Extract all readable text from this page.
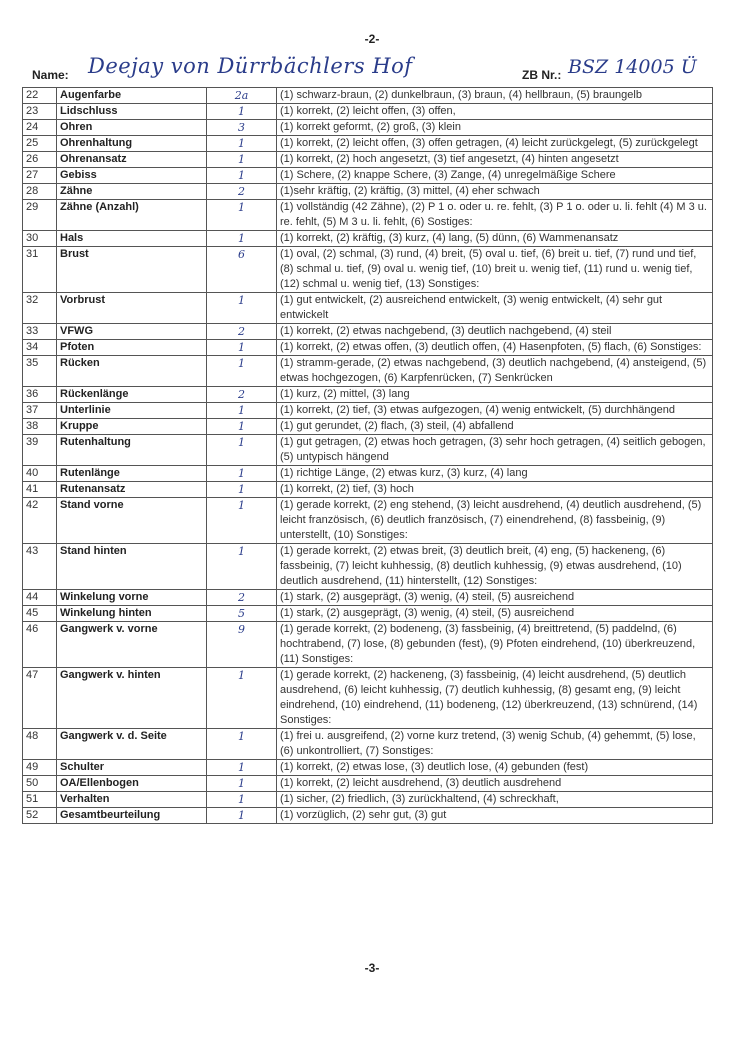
-2-
Name: Deejay von Dürrbächlers Hof	ZB Nr.: BSZ 14005 Ü
22	Augenfarbe	2a	(1) schwarz-braun, (2) dunkelbraun, (3) braun, (4) hellbraun, (5) braungelb
23	Lidschluss	1	(1) korrekt, (2) leicht offen, (3) offen,
24	Ohren	3	(1) korrekt geformt, (2) groß, (3) klein
25	Ohrenhaltung	1	(1) korrekt, (2) leicht offen, (3) offen getragen, (4) leicht zurückgelegt, (5) zurückgelegt
26	Ohrenansatz	1	(1) korrekt, (2) hoch angesetzt, (3) tief angesetzt, (4) hinten angesetzt
27	Gebiss	1	(1) Schere, (2) knappe Schere, (3) Zange, (4) unregelmäßige Schere
28	Zähne	2	(1)sehr kräftig, (2) kräftig, (3) mittel, (4) eher schwach
29	Zähne (Anzahl)	1	(1) vollständig (42 Zähne), (2) P 1 o. oder u. re. fehlt, (3) P 1 o. oder u. li. fehlt (4) M 3 u. re. fehlt, (5) M 3 u. li. fehlt, (6) Sostiges:
30	Hals	1	(1) korrekt, (2) kräftig, (3) kurz, (4) lang, (5) dünn, (6) Wammenansatz
31	Brust	6	(1) oval, (2) schmal, (3) rund, (4) breit, (5) oval u. tief, (6) breit u. tief, (7) rund und tief, (8) schmal u. tief, (9) oval u. wenig tief, (10) breit u. wenig tief, (11) rund u. wenig tief, (12) schmal u. wenig tief, (13) Sonstiges:
32	Vorbrust	1	(1) gut entwickelt, (2) ausreichend entwickelt, (3) wenig entwickelt, (4) sehr gut entwickelt
33	VFWG	2	(1) korrekt, (2) etwas nachgebend, (3) deutlich nachgebend, (4) steil
34	Pfoten	1	(1) korrekt, (2) etwas offen, (3) deutlich offen, (4) Hasenpfoten, (5) flach, (6) Sonstiges:
35	Rücken	1	(1) stramm-gerade, (2) etwas nachgebend, (3) deutlich nachgebend, (4) ansteigend, (5) etwas hochgezogen, (6) Karpfenrücken, (7) Senkrücken
36	Rückenlänge	2	(1) kurz, (2) mittel, (3) lang
37	Unterlinie	1	(1) korrekt, (2) tief, (3) etwas aufgezogen, (4) wenig entwickelt, (5) durchhängend
38	Kruppe	1	(1) gut gerundet, (2) flach, (3) steil, (4) abfallend
39	Rutenhaltung	1	(1) gut getragen, (2) etwas hoch getragen, (3) sehr hoch getragen, (4) seitlich gebogen, (5) untypisch hängend
40	Rutenlänge	1	(1) richtige Länge, (2) etwas kurz, (3) kurz, (4) lang
41	Rutenansatz	1	(1) korrekt, (2) tief, (3) hoch
42	Stand vorne	1	(1) gerade korrekt, (2) eng stehend, (3) leicht ausdrehend, (4) deutlich ausdrehend, (5) leicht französisch, (6) deutlich französisch, (7) einendrehend, (8) fassbeinig, (9) unterstellt, (10) Sonstiges:
43	Stand hinten	1	(1) gerade korrekt, (2) etwas breit, (3) deutlich breit, (4) eng, (5) hackeneng, (6) fassbeinig, (7) leicht kuhhessig, (8) deutlich kuhhessig, (9) etwas ausdrehend, (10) deutlich ausdrehend, (11) hinterstellt, (12) Sonstiges:
44	Winkelung vorne	2	(1) stark, (2) ausgeprägt, (3) wenig, (4) steil, (5) ausreichend
45	Winkelung hinten	5	(1) stark, (2) ausgeprägt, (3) wenig, (4) steil, (5) ausreichend
46	Gangwerk v. vorne	9	(1) gerade korrekt, (2) bodeneng, (3) fassbeinig, (4) breittretend, (5) paddelnd, (6) hochtrabend, (7) lose, (8) gebunden (fest), (9) Pfoten eindrehend, (10) überkreuzend, (11) Sonstiges:
47	Gangwerk v. hinten	1	(1) gerade korrekt, (2) hackeneng, (3) fassbeinig, (4) leicht ausdrehend, (5) deutlich ausdrehend, (6) leicht kuhhessig, (7) deutlich kuhhessig, (8) gesamt eng, (9) leicht eindrehend, (10) eindrehend, (11) bodeneng, (12) überkreuzend, (13) schnürend, (14) Sonstiges:
48	Gangwerk v. d. Seite	1	(1) frei u. ausgreifend, (2) vorne kurz tretend, (3) wenig Schub, (4) gehemmt, (5) lose, (6) unkontrolliert, (7) Sonstiges:
49	Schulter	1	(1) korrekt, (2) etwas lose, (3) deutlich lose, (4) gebunden (fest)
50	OA/Ellenbogen	1	(1) korrekt, (2) leicht ausdrehend, (3) deutlich ausdrehend
51	Verhalten	1	(1) sicher, (2) friedlich, (3) zurückhaltend, (4) schreckhaft,
52	Gesamtbeurteilung	1	(1) vorzüglich, (2) sehr gut, (3) gut
-3-
